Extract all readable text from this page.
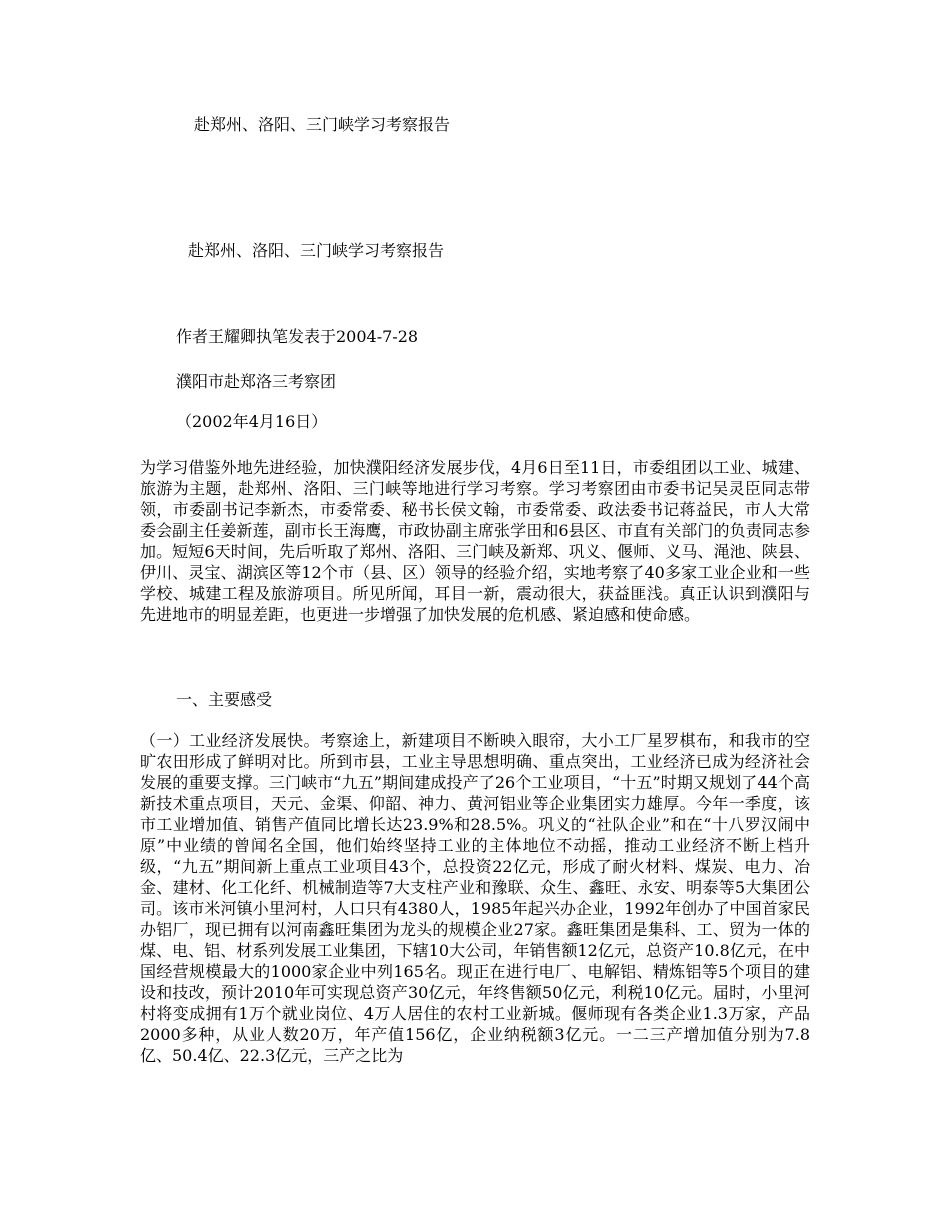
赴郑州、洛阳、三门峡学习考察报告
赴郑州、洛阳、三门峡学习考察报告
作者王耀卿执笔发表于2004-7-28
濮阳市赴郑洛三考察团
（2002年4月16日）
为学习借鉴外地先进经验，加快濮阳经济发展步伐，4月6日至11日，市委组团以工业、城建、旅游为主题，赴郑州、洛阳、三门峡等地进行学习考察。学习考察团由市委书记吴灵臣同志带领，市委副书记李新杰，市委常委、秘书长侯文翰，市委常委、政法委书记蒋益民，市人大常委会副主任姜新莲，副市长王海鹰，市政协副主席张学田和6县区、市直有关部门的负责同志参加。短短6天时间，先后听取了郑州、洛阳、三门峡及新郑、巩义、偃师、义马、渑池、陕县、伊川、灵宝、湖滨区等12个市（县、区）领导的经验介绍，实地考察了40多家工业企业和一些学校、城建工程及旅游项目。所见所闻，耳目一新，震动很大，获益匪浅。真正认识到濮阳与先进地市的明显差距，也更进一步增强了加快发展的危机感、紧迫感和使命感。
一、主要感受
（一）工业经济发展快。考察途上，新建项目不断映入眼帘，大小工厂星罗棋布，和我市的空旷农田形成了鲜明对比。所到市县，工业主导思想明确、重点突出，工业经济已成为经济社会发展的重要支撑。三门峡市“九五”期间建成投产了26个工业项目，“十五”时期又规划了44个高新技术重点项目，天元、金渠、仰韶、神力、黄河铝业等企业集团实力雄厚。今年一季度，该市工业增加值、销售产值同比增长达23.9%和28.5%。巩义的“社队企业”和在“十八罗汉闹中原”中业绩的曾闻名全国，他们始终坚持工业的主体地位不动摇，推动工业经济不断上档升级，“九五”期间新上重点工业项目43个，总投资22亿元，形成了耐火材料、煤炭、电力、冶金、建材、化工化纤、机械制造等7大支柱产业和豫联、众生、鑫旺、永安、明泰等5大集团公司。该市米河镇小里河村，人口只有4380人，1985年起兴办企业，1992年创办了中国首家民办铝厂，现已拥有以河南鑫旺集团为龙头的规模企业27家。鑫旺集团是集科、工、贸为一体的煤、电、铝、材系列发展工业集团，下辖10大公司，年销售额12亿元，总资产10.8亿元，在中国经营规模最大的1000家企业中列165名。现正在进行电厂、电解铝、精炼铝等5个项目的建设和技改，预计2010年可实现总资产30亿元，年终售额50亿元，利税10亿元。届时，小里河村将变成拥有1万个就业岗位、4万人居住的农村工业新城。偃师现有各类企业1.3万家，产品2000多种，从业人数20万，年产值156亿，企业纳税额3亿元。一二三产增加值分别为7.8亿、50.4亿、22.3亿元，三产之比为
